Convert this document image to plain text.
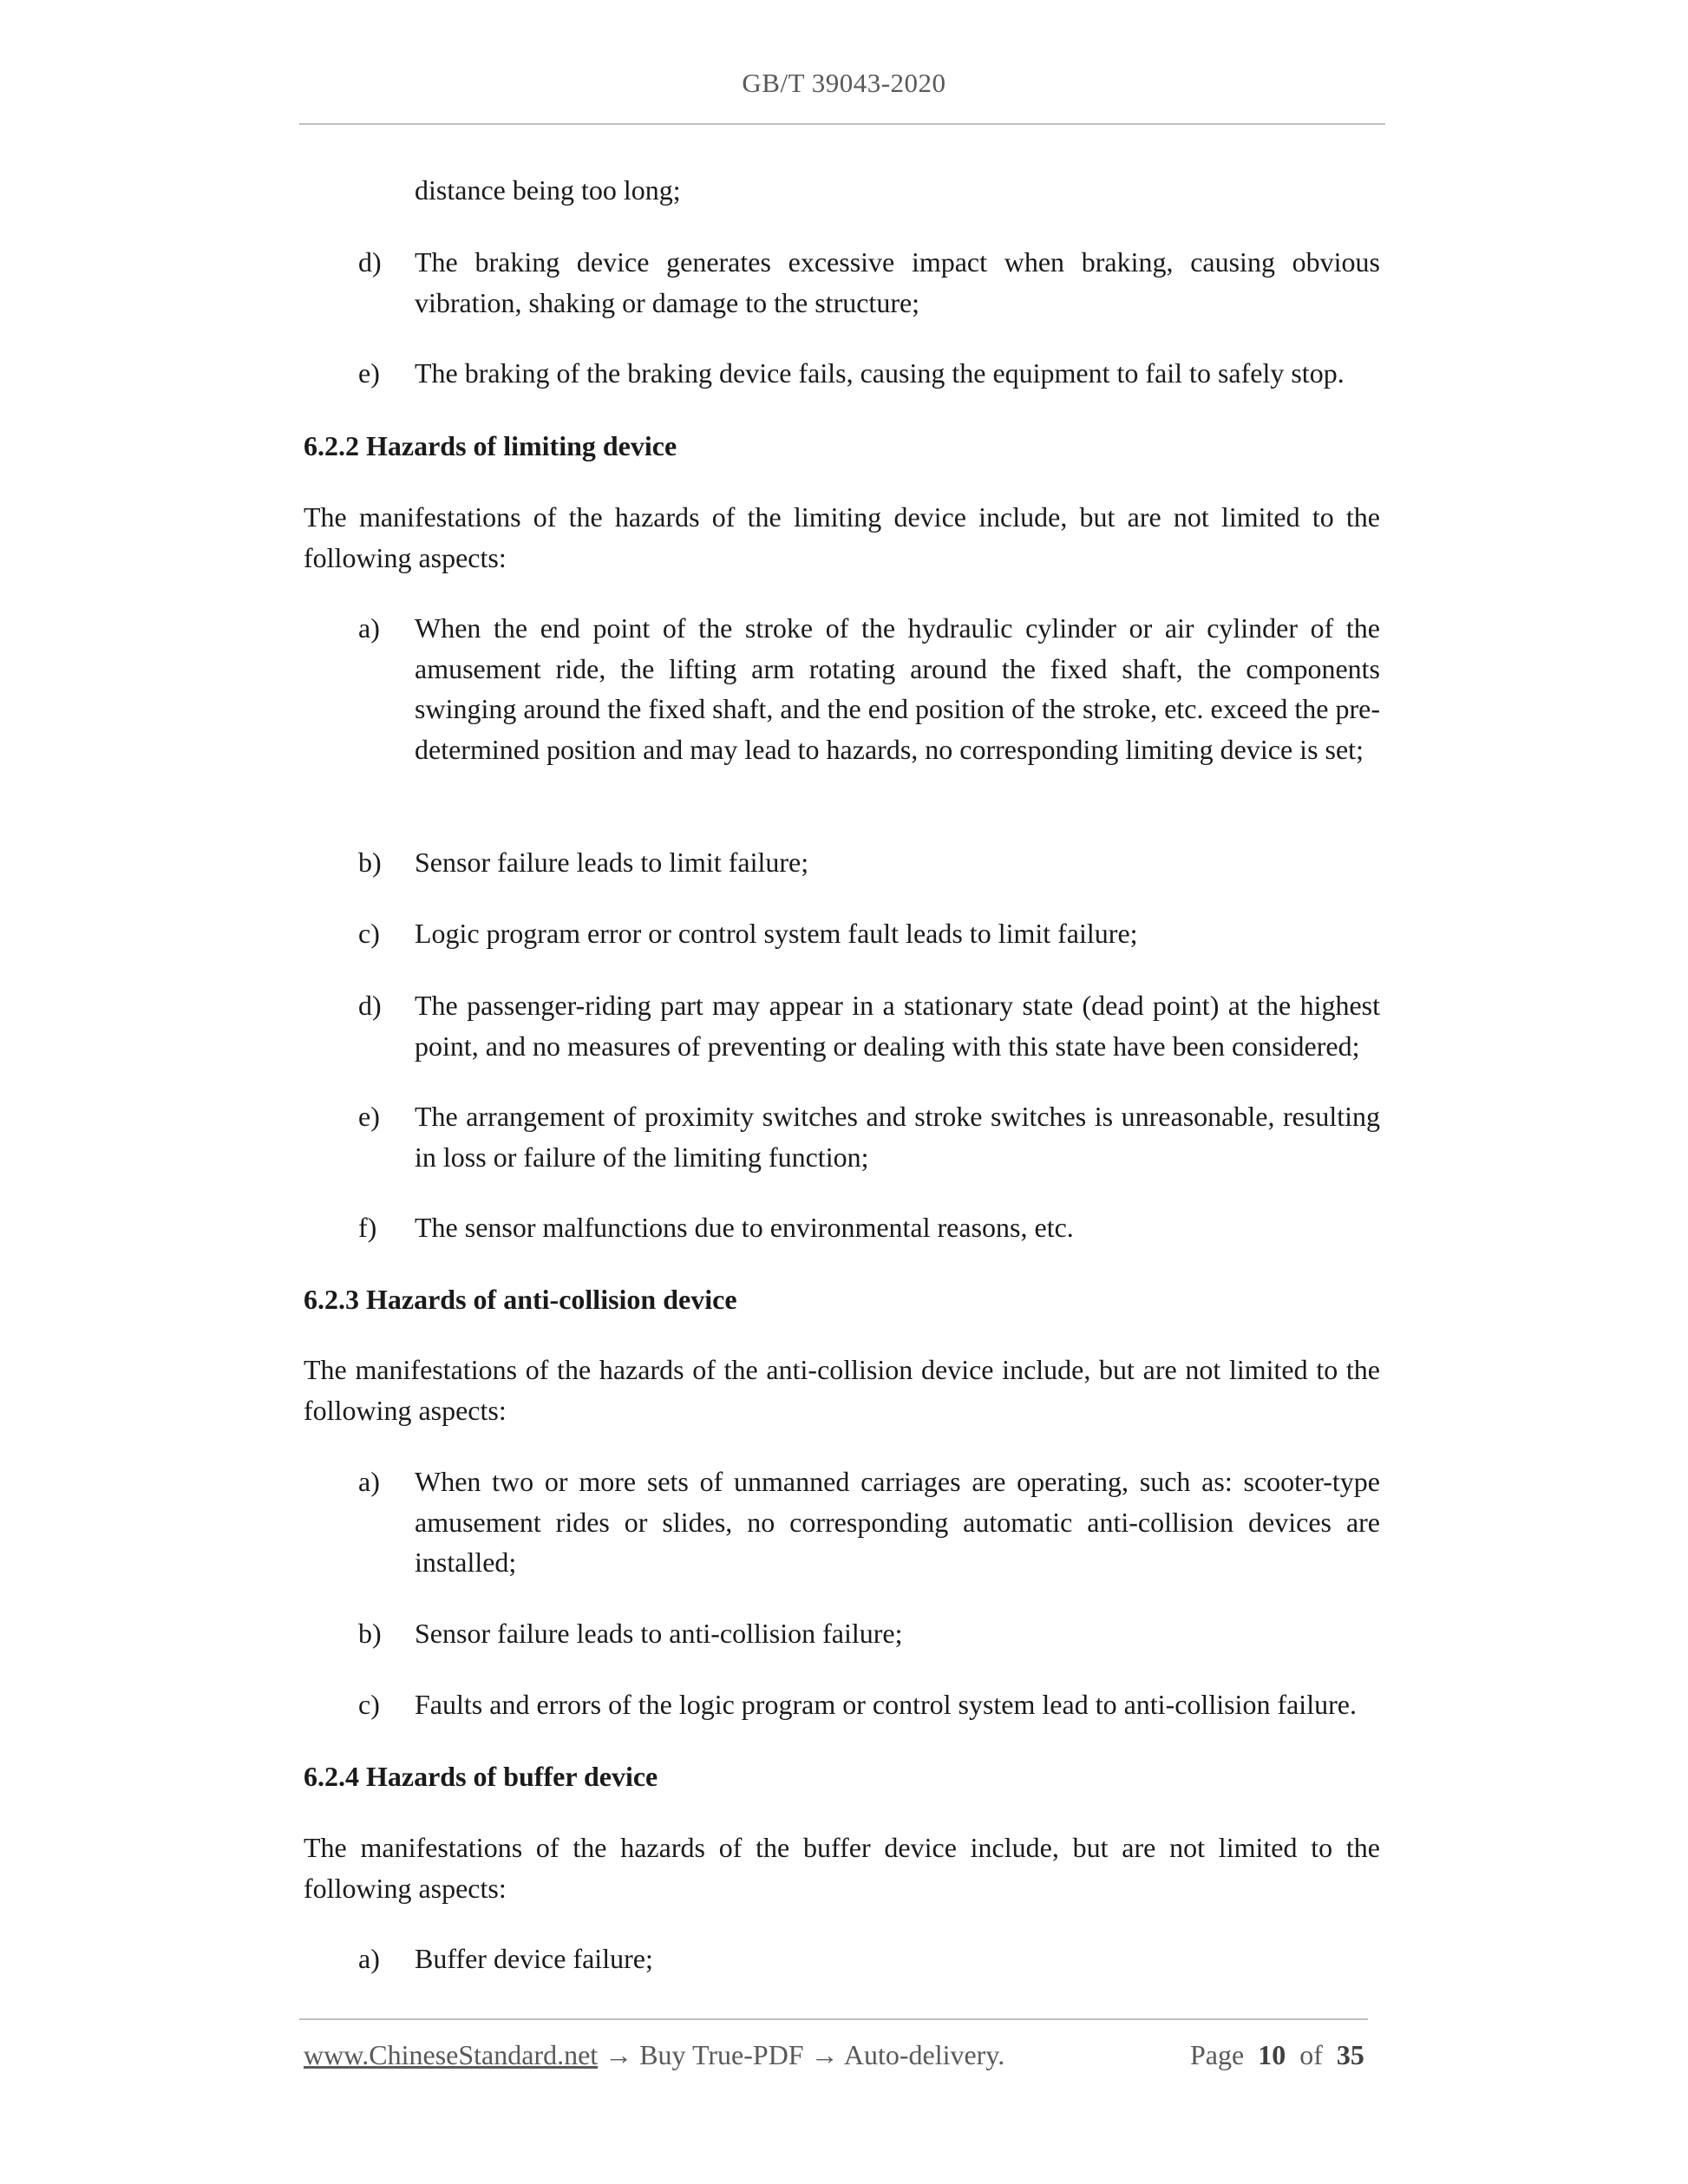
GB/T 39043-2020
distance being too long;
d) The braking device generates excessive impact when braking, causing obvious vibration, shaking or damage to the structure;
e) The braking of the braking device fails, causing the equipment to fail to safely stop.
6.2.2 Hazards of limiting device

The manifestations of the hazards of the limiting device include, but are not limited to the following aspects:

a) When the end point of the stroke of the hydraulic cylinder or air cylinder of the amusement ride, the lifting arm rotating around the fixed shaft, the components swinging around the fixed shaft, and the end position of the stroke, etc. exceed the pre-determined position and may lead to hazards, no corresponding limiting device is set;
b) Sensor failure leads to limit failure;
c) Logic program error or control system fault leads to limit failure;
d) The passenger-riding part may appear in a stationary state (dead point) at the highest point, and no measures of preventing or dealing with this state have been considered;
e) The arrangement of proximity switches and stroke switches is unreasonable, resulting in loss or failure of the limiting function;
f) The sensor malfunctions due to environmental reasons, etc.
6.2.3 Hazards of anti-collision device

The manifestations of the hazards of the anti-collision device include, but are not limited to the following aspects:

a) When two or more sets of unmanned carriages are operating, such as: scooter-type amusement rides or slides, no corresponding automatic anti-collision devices are installed;
b) Sensor failure leads to anti-collision failure;
c) Faults and errors of the logic program or control system lead to anti-collision failure.
6.2.4 Hazards of buffer device

The manifestations of the hazards of the buffer device include, but are not limited to the following aspects:

a) Buffer device failure;
www.ChineseStandard.net → Buy True-PDF → Auto-delivery.	Page 10 of 35
